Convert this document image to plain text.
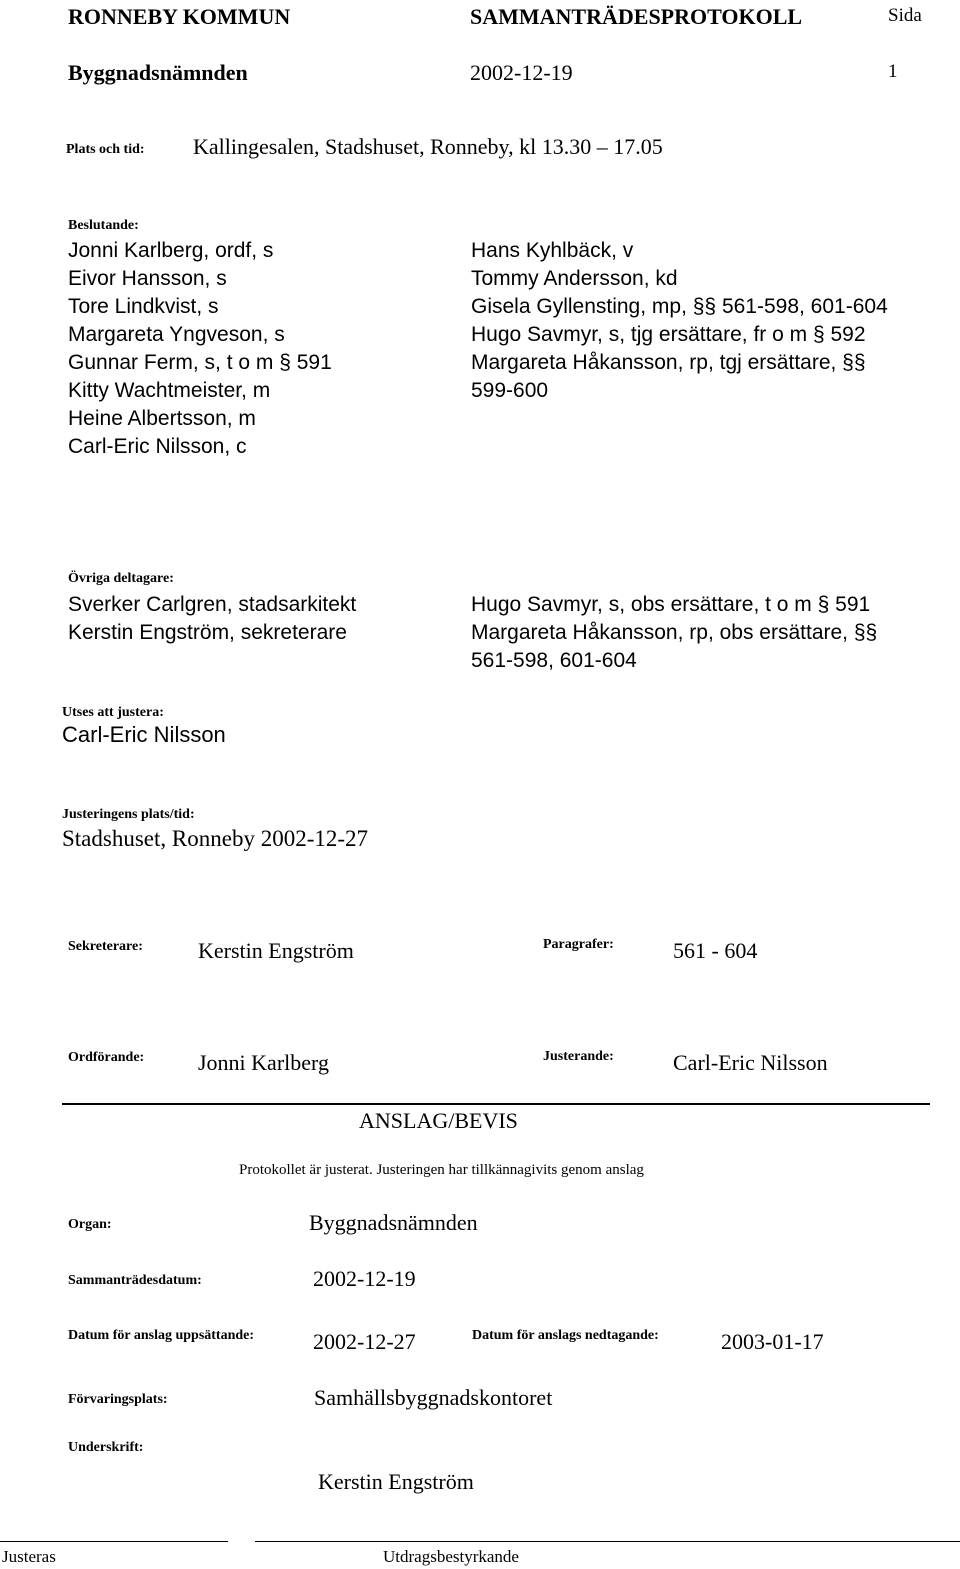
RONNEBY KOMMUN	SAMMANTRÄDESPROTOKOLL	Sida
Byggnadsnämnden	2002-12-19	1
Plats och tid: Kallingesalen, Stadshuset, Ronneby, kl 13.30 – 17.05
Beslutande:
Jonni Karlberg, ordf, s
Eivor Hansson, s
Tore Lindkvist, s
Margareta Yngveson, s
Gunnar Ferm, s, t o m § 591
Kitty Wachtmeister, m
Heine Albertsson, m
Carl-Eric Nilsson, c
Hans Kyhlbäck, v
Tommy Andersson, kd
Gisela Gyllensting, mp, §§ 561-598, 601-604
Hugo Savmyr, s, tjg ersättare, fr o m § 592
Margareta Håkansson, rp, tgj ersättare, §§
599-600
Övriga deltagare:
Sverker Carlgren, stadsarkitekt
Kerstin Engström, sekreterare
Hugo Savmyr, s, obs ersättare, t o m § 591
Margareta Håkansson, rp, obs ersättare, §§
561-598, 601-604
Utses att justera:
Carl-Eric Nilsson
Justeringens plats/tid:
Stadshuset, Ronneby 2002-12-27
Sekreterare:	Kerstin Engström	Paragrafer:	561 - 604
Ordförande: Jonni Karlberg	Justerande:	Carl-Eric Nilsson
ANSLAG/BEVIS
Protokollet är justerat. Justeringen har tillkännagivits genom anslag
Organ:	Byggnadsnämnden
Sammanträdesdatum:	2002-12-19
Datum för anslag uppsättande:	2002-12-27	Datum för anslags nedtagande:	2003-01-17
Förvaringsplats:	Samhällsbyggnadskontoret
Underskrift:
Kerstin Engström
Justeras	Utdragsbestyrkande
